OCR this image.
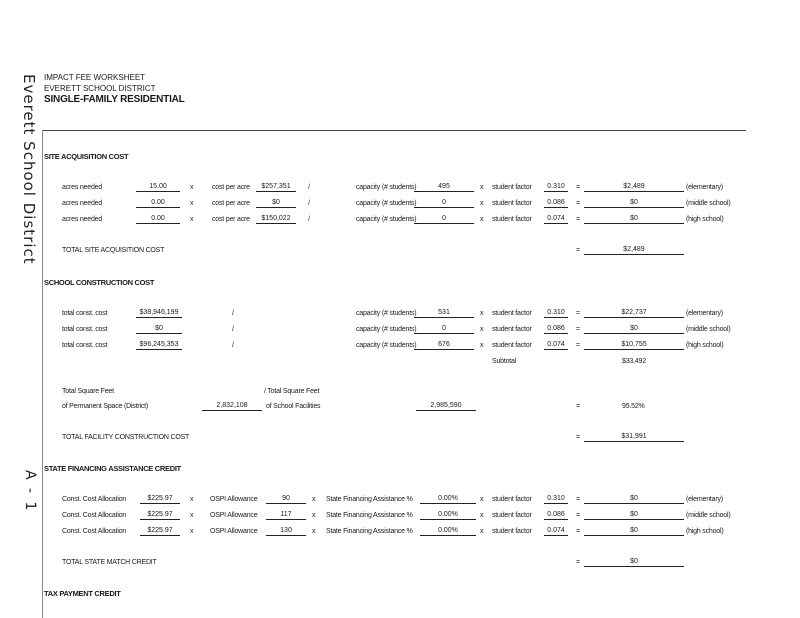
Everett School District
A - 1
IMPACT FEE WORKSHEET
EVERETT SCHOOL DISTRICT
SINGLE-FAMILY RESIDENTIAL
SITE ACQUISITION COST
acres needed	15.00	x	cost per acre	$257,351	/	capacity (# students)	495	x student factor	0.310	=	$2,489	(elementary)
acres needed	0.00	x	cost per acre	$0	/	capacity (# students)	0	x student factor	0.086	=	$0	(middle school)
acres needed	0.00	x	cost per acre	$150,022	/	capacity (# students)	0	x student factor	0.074	=	$0	(high school)
TOTAL SITE ACQUISITION COST	=	$2,489
SCHOOL CONSTRUCTION COST
total const. cost	$38,946,199	/	capacity (# students)	531	x student factor	0.310	=	$22,737	(elementary)
total const. cost	$0	/	capacity (# students)	0	x student factor	0.086	=	$0	(middle school)
total const. cost	$96,245,353	/	capacity (# students)	676	x student factor	0.074	=	$10,755	(high school)
Subtotal	$33,492
Total Square Feet
of Permanent Space (District)	2,832,108
/ Total Square Feet
of School Facilities	2,985,590	=	95.52%
TOTAL FACILITY CONSTRUCTION COST	=	$31,991
STATE FINANCING ASSISTANCE CREDIT
Const. Cost Allocation	$225.97	x OSPI Allowance	90	x State Financing Assistance %	0.00%	x student factor	0.310	=	$0	(elementary)
Const. Cost Allocation	$225.97	x OSPI Allowance	117	x State Financing Assistance %	0.00%	x student factor	0.086	=	$0	(middle school)
Const. Cost Allocation	$225.97	x OSPI Allowance	130	x State Financing Assistance %	0.00%	x student factor	0.074	=	$0	(high school)
TOTAL STATE MATCH CREDIT	=	$0
TAX PAYMENT CREDIT
